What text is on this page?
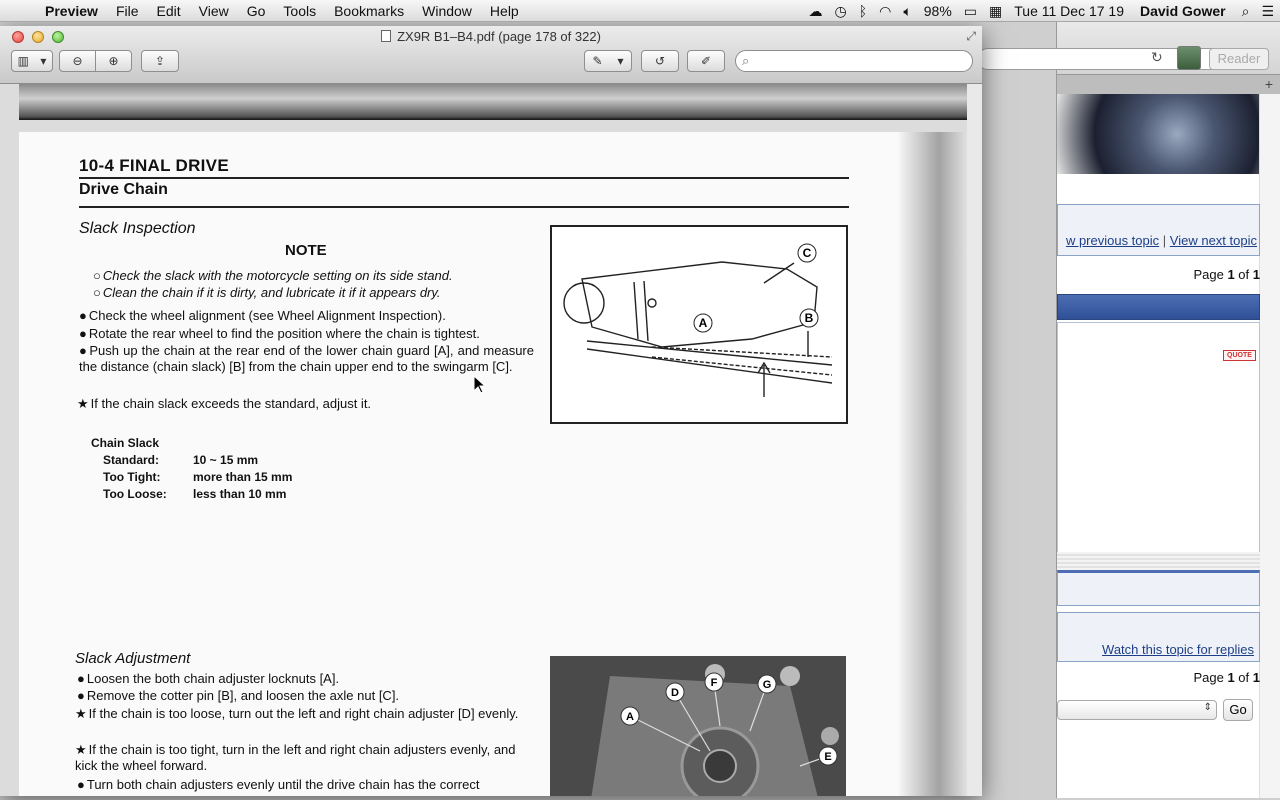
Preview	File	Edit	View	Go	Tools	Bookmarks	Window	Help	☁ ◷ ᛒ ◠ 🔈︎ 98% ▭ ▦ Tue 11 Dec 17 19	David Gower	⌕ ☰
↻	Reader
+
w previous topic | View next topic
Page 1 of 1
QUOTE
Watch this topic for replies
Page 1 of 1
⇕	Go
ZX9R B1–B4.pdf (page 178 of 322)	⤢
▥ ▾ ⊖ ⊕	⇪	✎ ▾	↺	✐	⌕
10-4 FINAL DRIVE
Drive Chain
Slack Inspection
NOTE
○ Check the slack with the motorcycle setting on its side stand.
○ Clean the chain if it is dirty, and lubricate it if it appears dry.
● Check the wheel alignment (see Wheel Alignment Inspection).
● Rotate the rear wheel to find the position where the chain is tightest.
● Push up the chain at the rear end of the lower chain guard [A], and measure the distance (chain slack) [B] from the chain upper end to the swingarm [C].
★ If the chain slack exceeds the standard, adjust it.
Chain Slack
Standard:	10 ~ 15 mm
Too Tight:	more than 15 mm
Too Loose:	less than 10 mm
A	B
C
Slack Adjustment
● Loosen the both chain adjuster locknuts [A].
● Remove the cotter pin [B], and loosen the axle nut [C].
★ If the chain is too loose, turn out the left and right chain adjuster [D] evenly.
★ If the chain is too tight, turn in the left and right chain adjusters evenly, and kick the wheel forward.
● Turn both chain adjusters evenly until the drive chain has the correct
A
D
F	G
E
